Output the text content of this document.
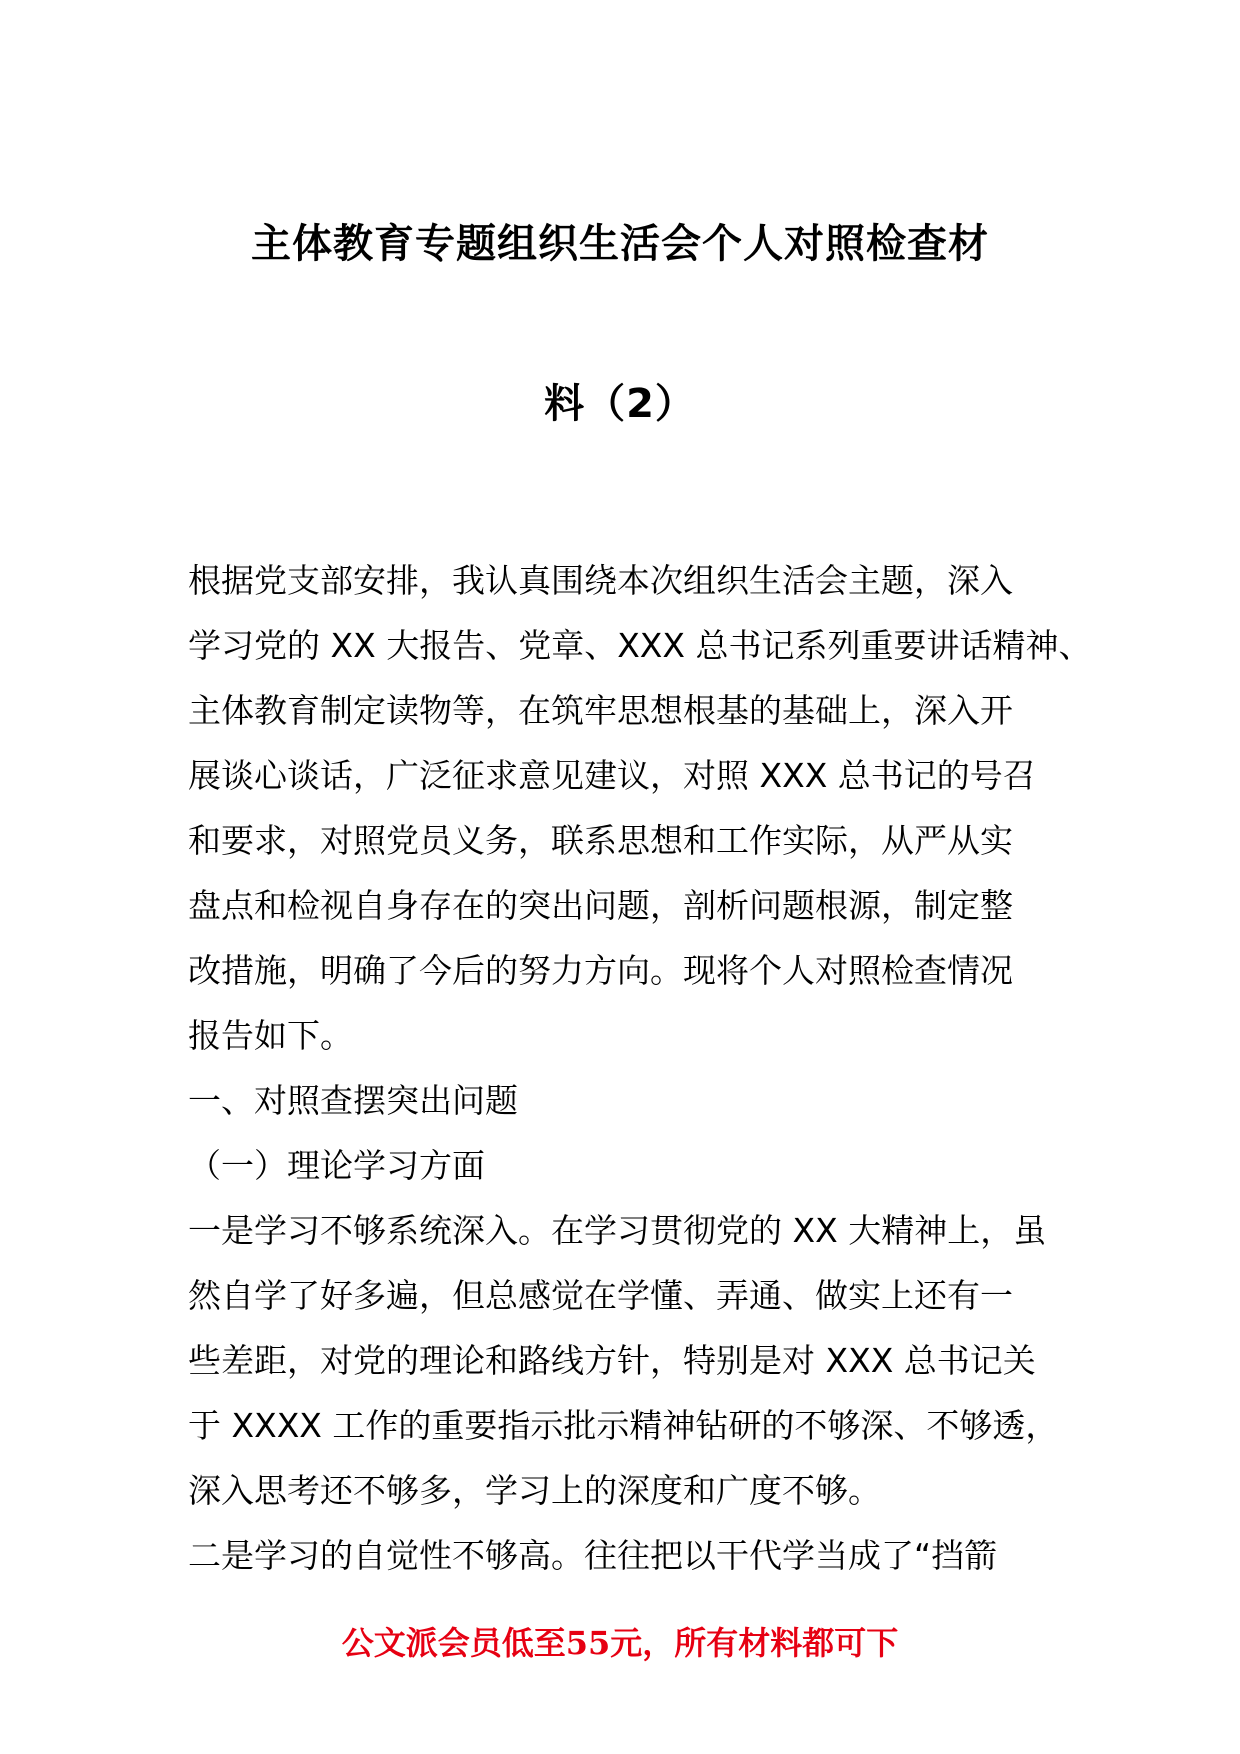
主体教育专题组织生活会个人对照检查材
料（2）
根据党支部安排，我认真围绕本次组织生活会主题，深入
学习党的 XX 大报告、党章、XXX 总书记系列重要讲话精神、
主体教育制定读物等，在筑牢思想根基的基础上，深入开
展谈心谈话，广泛征求意见建议，对照 XXX 总书记的号召
和要求，对照党员义务，联系思想和工作实际，从严从实
盘点和检视自身存在的突出问题，剖析问题根源，制定整
改措施，明确了今后的努力方向。现将个人对照检查情况
报告如下。
一、对照查摆突出问题
（一）理论学习方面
一是学习不够系统深入。在学习贯彻党的 XX 大精神上，虽
然自学了好多遍，但总感觉在学懂、弄通、做实上还有一
些差距，对党的理论和路线方针，特别是对 XXX 总书记关
于 XXXX 工作的重要指示批示精神钻研的不够深、不够透，
深入思考还不够多，学习上的深度和广度不够。
二是学习的自觉性不够高。往往把以干代学当成了“挡箭
公文派会员低至55元，所有材料都可下
